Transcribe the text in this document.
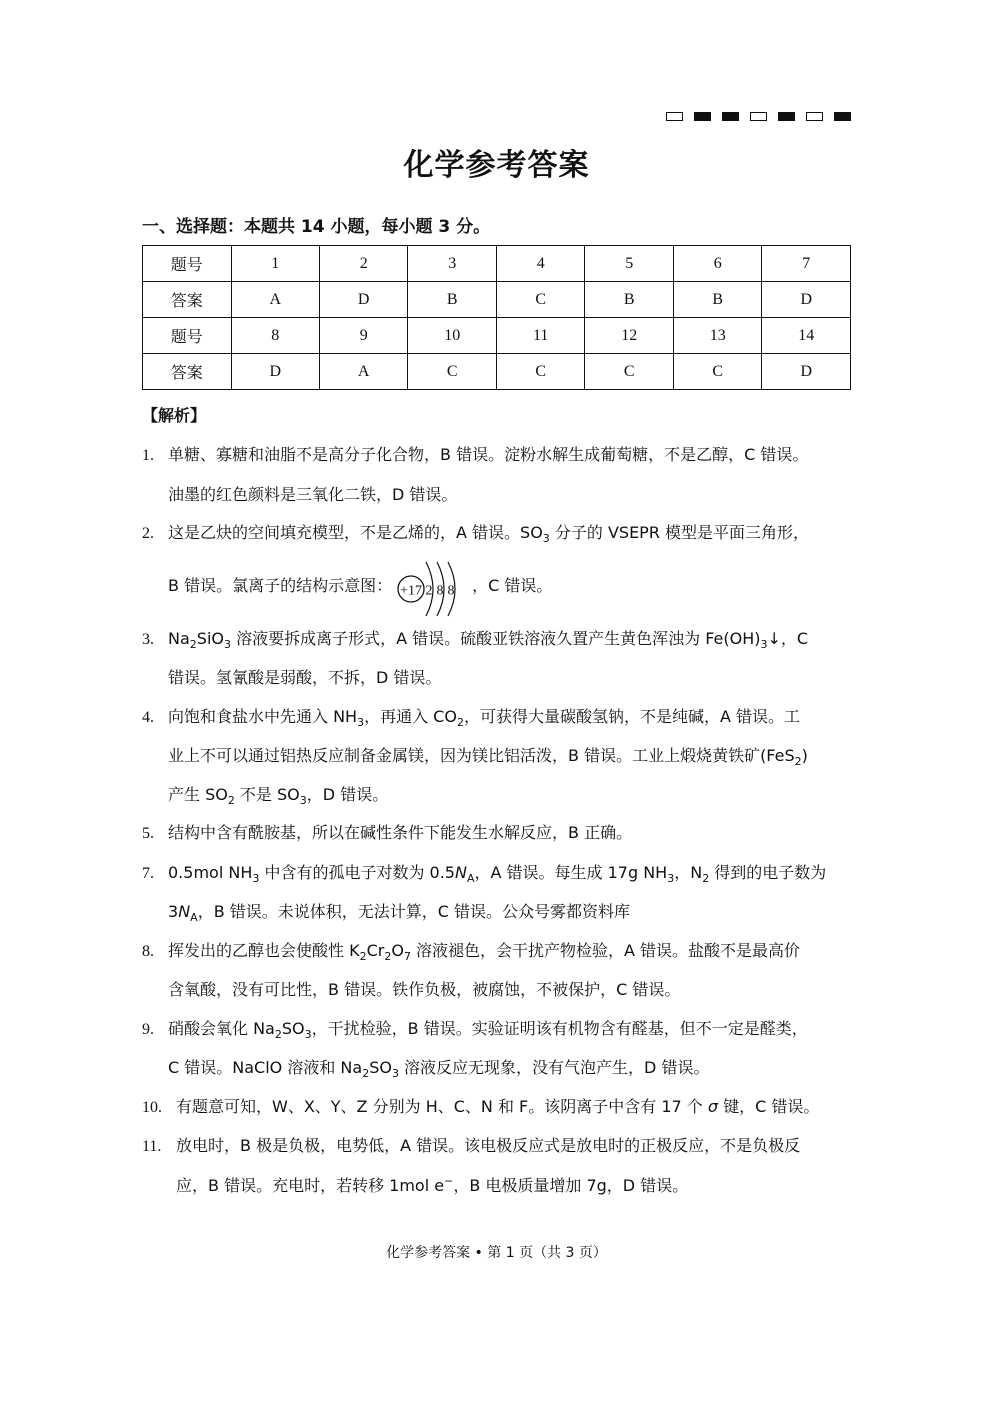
化学参考答案
一、选择题：本题共 14 小题，每小题 3 分。
题号	1	2	3	4	5	6	7
答案	A	D	B	C	B	B	D
题号	8	9	10	11	12	13	14
答案	D	A	C	C	C	C	D
【解析】
1. 单糖、寡糖和油脂不是高分子化合物，B 错误。淀粉水解生成葡萄糖，不是乙醇，C 错误。
油墨的红色颜料是三氧化二铁，D 错误。
2. 这是乙炔的空间填充模型，不是乙烯的，A 错误。$SO_3$ 分子的 VSEPR 模型是平面三角形，
B 错误。氯离子的结构示意图： +17 2 8 8 ，C 错误。
3. $Na_2SiO_3$ 溶液要拆成离子形式，A 错误。硫酸亚铁溶液久置产生黄色浑浊为 $Fe(OH)_3↓$，C
错误。氢氰酸是弱酸，不拆，D 错误。
4. 向饱和食盐水中先通入 $NH_3$，再通入 $CO_2$，可获得大量碳酸氢钠，不是纯碱，A 错误。工
业上不可以通过铝热反应制备金属镁，因为镁比铝活泼，B 错误。工业上煅烧黄铁矿(FeS$_2$)
产生 $SO_2$ 不是 $SO_3$，D 错误。
5. 结构中含有酰胺基，所以在碱性条件下能发生水解反应，B 正确。
7. 0.5mol $NH_3$ 中含有的孤电子对数为 $0.5N_A$，A 错误。每生成 17g $NH_3$，$N_2$ 得到的电子数为
$3N_A$，B 错误。未说体积，无法计算，C 错误。公众号雾都资料库
8. 挥发出的乙醇也会使酸性 $K_2Cr_2O_7$ 溶液褪色，会干扰产物检验，A 错误。盐酸不是最高价
含氧酸，没有可比性，B 错误。铁作负极，被腐蚀，不被保护，C 错误。
9. 硝酸会氧化 $Na_2SO_3$，干扰检验，B 错误。实验证明该有机物含有醛基，但不一定是醛类，
C 错误。NaClO 溶液和 $Na_2SO_3$ 溶液反应无现象，没有气泡产生，D 错误。
10. 有题意可知，W、X、Y、Z 分别为 H、C、N 和 F。该阴离子中含有 17 个 σ 键，C 错误。
11. 放电时，B 极是负极，电势低，A 错误。该电极反应式是放电时的正极反应，不是负极反
应，B 错误。充电时，若转移 1mol e−，B 电极质量增加 7g，D 错误。
化学参考答案 • 第 1 页（共 3 页）
